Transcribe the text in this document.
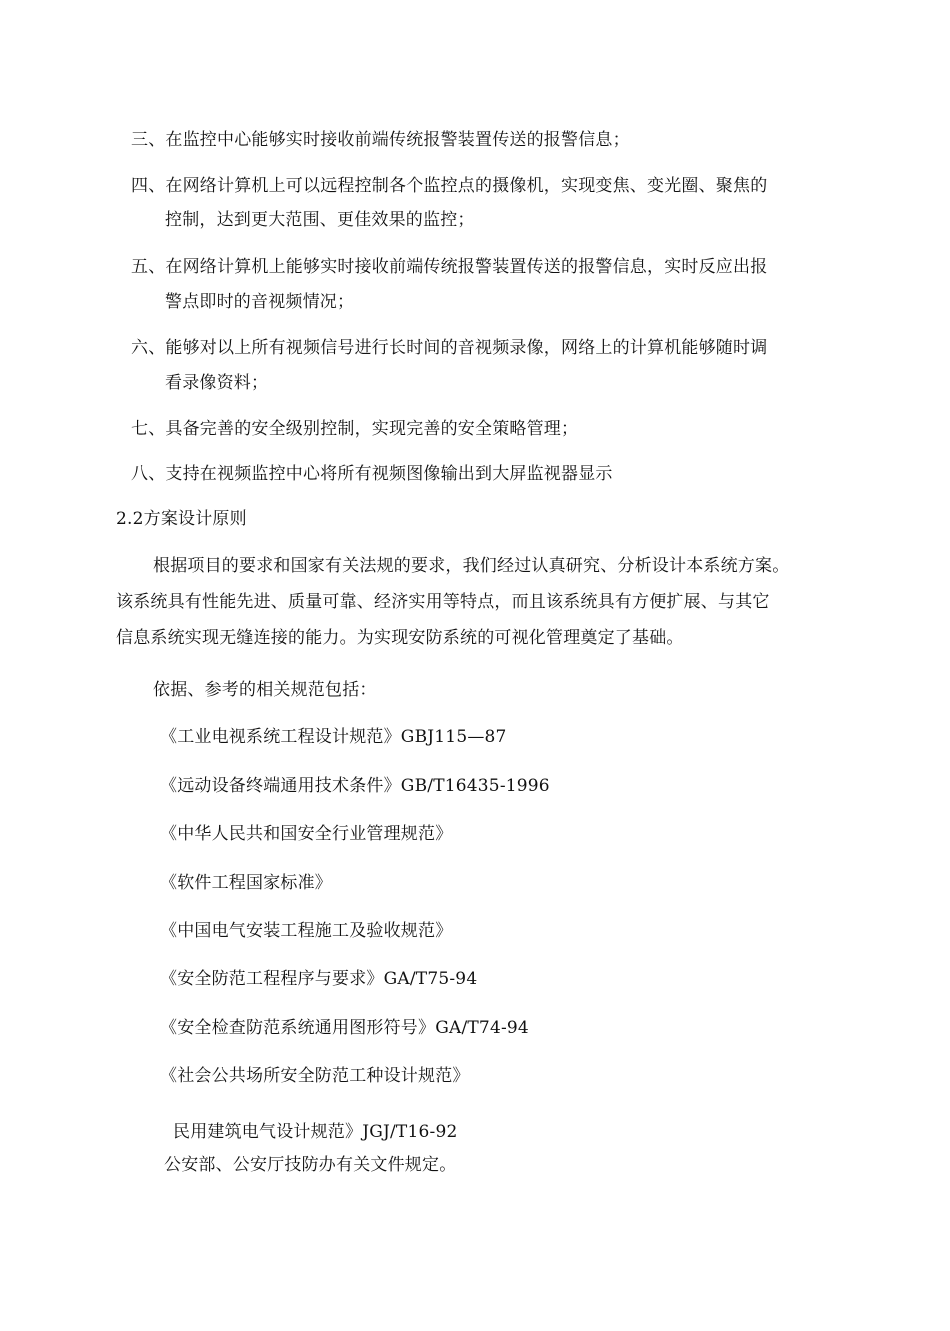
三、在监控中心能够实时接收前端传统报警装置传送的报警信息；
四、在网络计算机上可以远程控制各个监控点的摄像机，实现变焦、变光圈、聚焦的
控制，达到更大范围、更佳效果的监控；
五、在网络计算机上能够实时接收前端传统报警装置传送的报警信息，实时反应出报
警点即时的音视频情况；
六、能够对以上所有视频信号进行长时间的音视频录像，网络上的计算机能够随时调
看录像资料；
七、具备完善的安全级别控制，实现完善的安全策略管理；
八、支持在视频监控中心将所有视频图像输出到大屏监视器显示
2.2方案设计原则
根据项目的要求和国家有关法规的要求，我们经过认真研究、分析设计本系统方案。
该系统具有性能先进、质量可靠、经济实用等特点，而且该系统具有方便扩展、与其它
信息系统实现无缝连接的能力。为实现安防系统的可视化管理奠定了基础。
依据、参考的相关规范包括：
《工业电视系统工程设计规范》GBJ115—87
《远动设备终端通用技术条件》GB/T16435-1996
《中华人民共和国安全行业管理规范》
《软件工程国家标准》
《中国电气安装工程施工及验收规范》
《安全防范工程程序与要求》GA/T75-94
《安全检查防范系统通用图形符号》GA/T74-94
《社会公共场所安全防范工种设计规范》
民用建筑电气设计规范》JGJ/T16-92
公安部、公安厅技防办有关文件规定。
